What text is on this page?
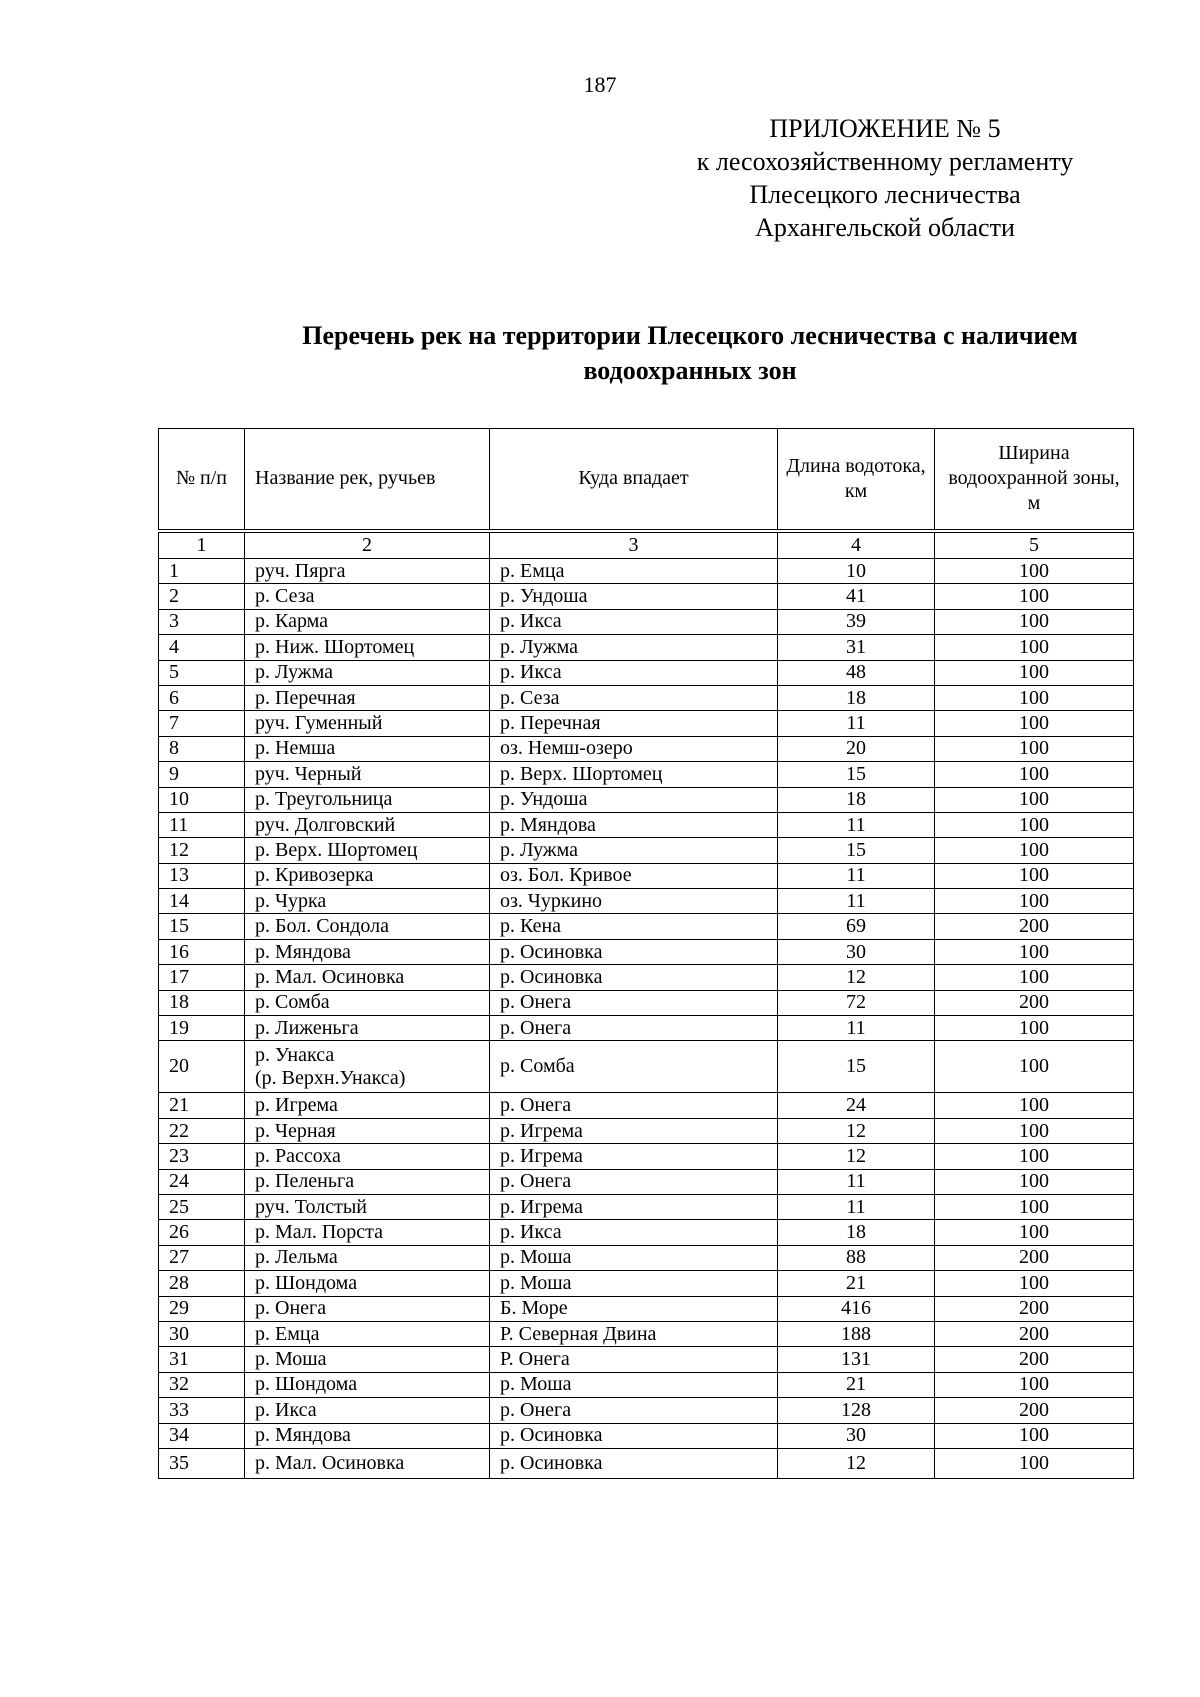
187
ПРИЛОЖЕНИЕ № 5
к лесохозяйственному регламенту
Плесецкого лесничества
Архангельской области
Перечень рек на территории Плесецкого лесничества с наличием
водоохранных зон
№ п/п	Название рек, ручьев	Куда впадает	Длина водотока, км	Ширина водоохранной зоны, м
1	2	3	4	5
1	руч. Пярга	р. Емца	10	100
2	р. Сеза	р. Ундоша	41	100
3	р. Карма	р. Икса	39	100
4	р. Ниж. Шортомец	р. Лужма	31	100
5	р. Лужма	р. Икса	48	100
6	р. Перечная	р. Сеза	18	100
7	руч. Гуменный	р. Перечная	11	100
8	р. Немша	оз. Немш-озеро	20	100
9	руч. Черный	р. Верх. Шортомец	15	100
10	р. Треугольница	р. Ундоша	18	100
11	руч. Долговский	р. Мяндова	11	100
12	р. Верх. Шортомец	р. Лужма	15	100
13	р. Кривозерка	оз. Бол. Кривое	11	100
14	р. Чурка	оз. Чуркино	11	100
15	р. Бол. Сондола	р. Кена	69	200
16	р. Мяндова	р. Осиновка	30	100
17	р. Мал. Осиновка	р. Осиновка	12	100
18	р. Сомба	р. Онега	72	200
19	р. Лиженьга	р. Онега	11	100
20	р. Унакса
(р. Верхн.Унакса)	р. Сомба	15	100
21	р. Игрема	р. Онега	24	100
22	р. Черная	р. Игрема	12	100
23	р. Рассоха	р. Игрема	12	100
24	р. Пеленьга	р. Онега	11	100
25	руч. Толстый	р. Игрема	11	100
26	р. Мал. Порста	р. Икса	18	100
27	р. Лельма	р. Моша	88	200
28	р. Шондома	р. Моша	21	100
29	р. Онега	Б. Море	416	200
30	р. Емца	Р. Северная Двина	188	200
31	р. Моша	Р. Онега	131	200
32	р. Шондома	р. Моша	21	100
33	р. Икса	р. Онега	128	200
34	р. Мяндова	р. Осиновка	30	100
35	р. Мал. Осиновка	р. Осиновка	12	100
